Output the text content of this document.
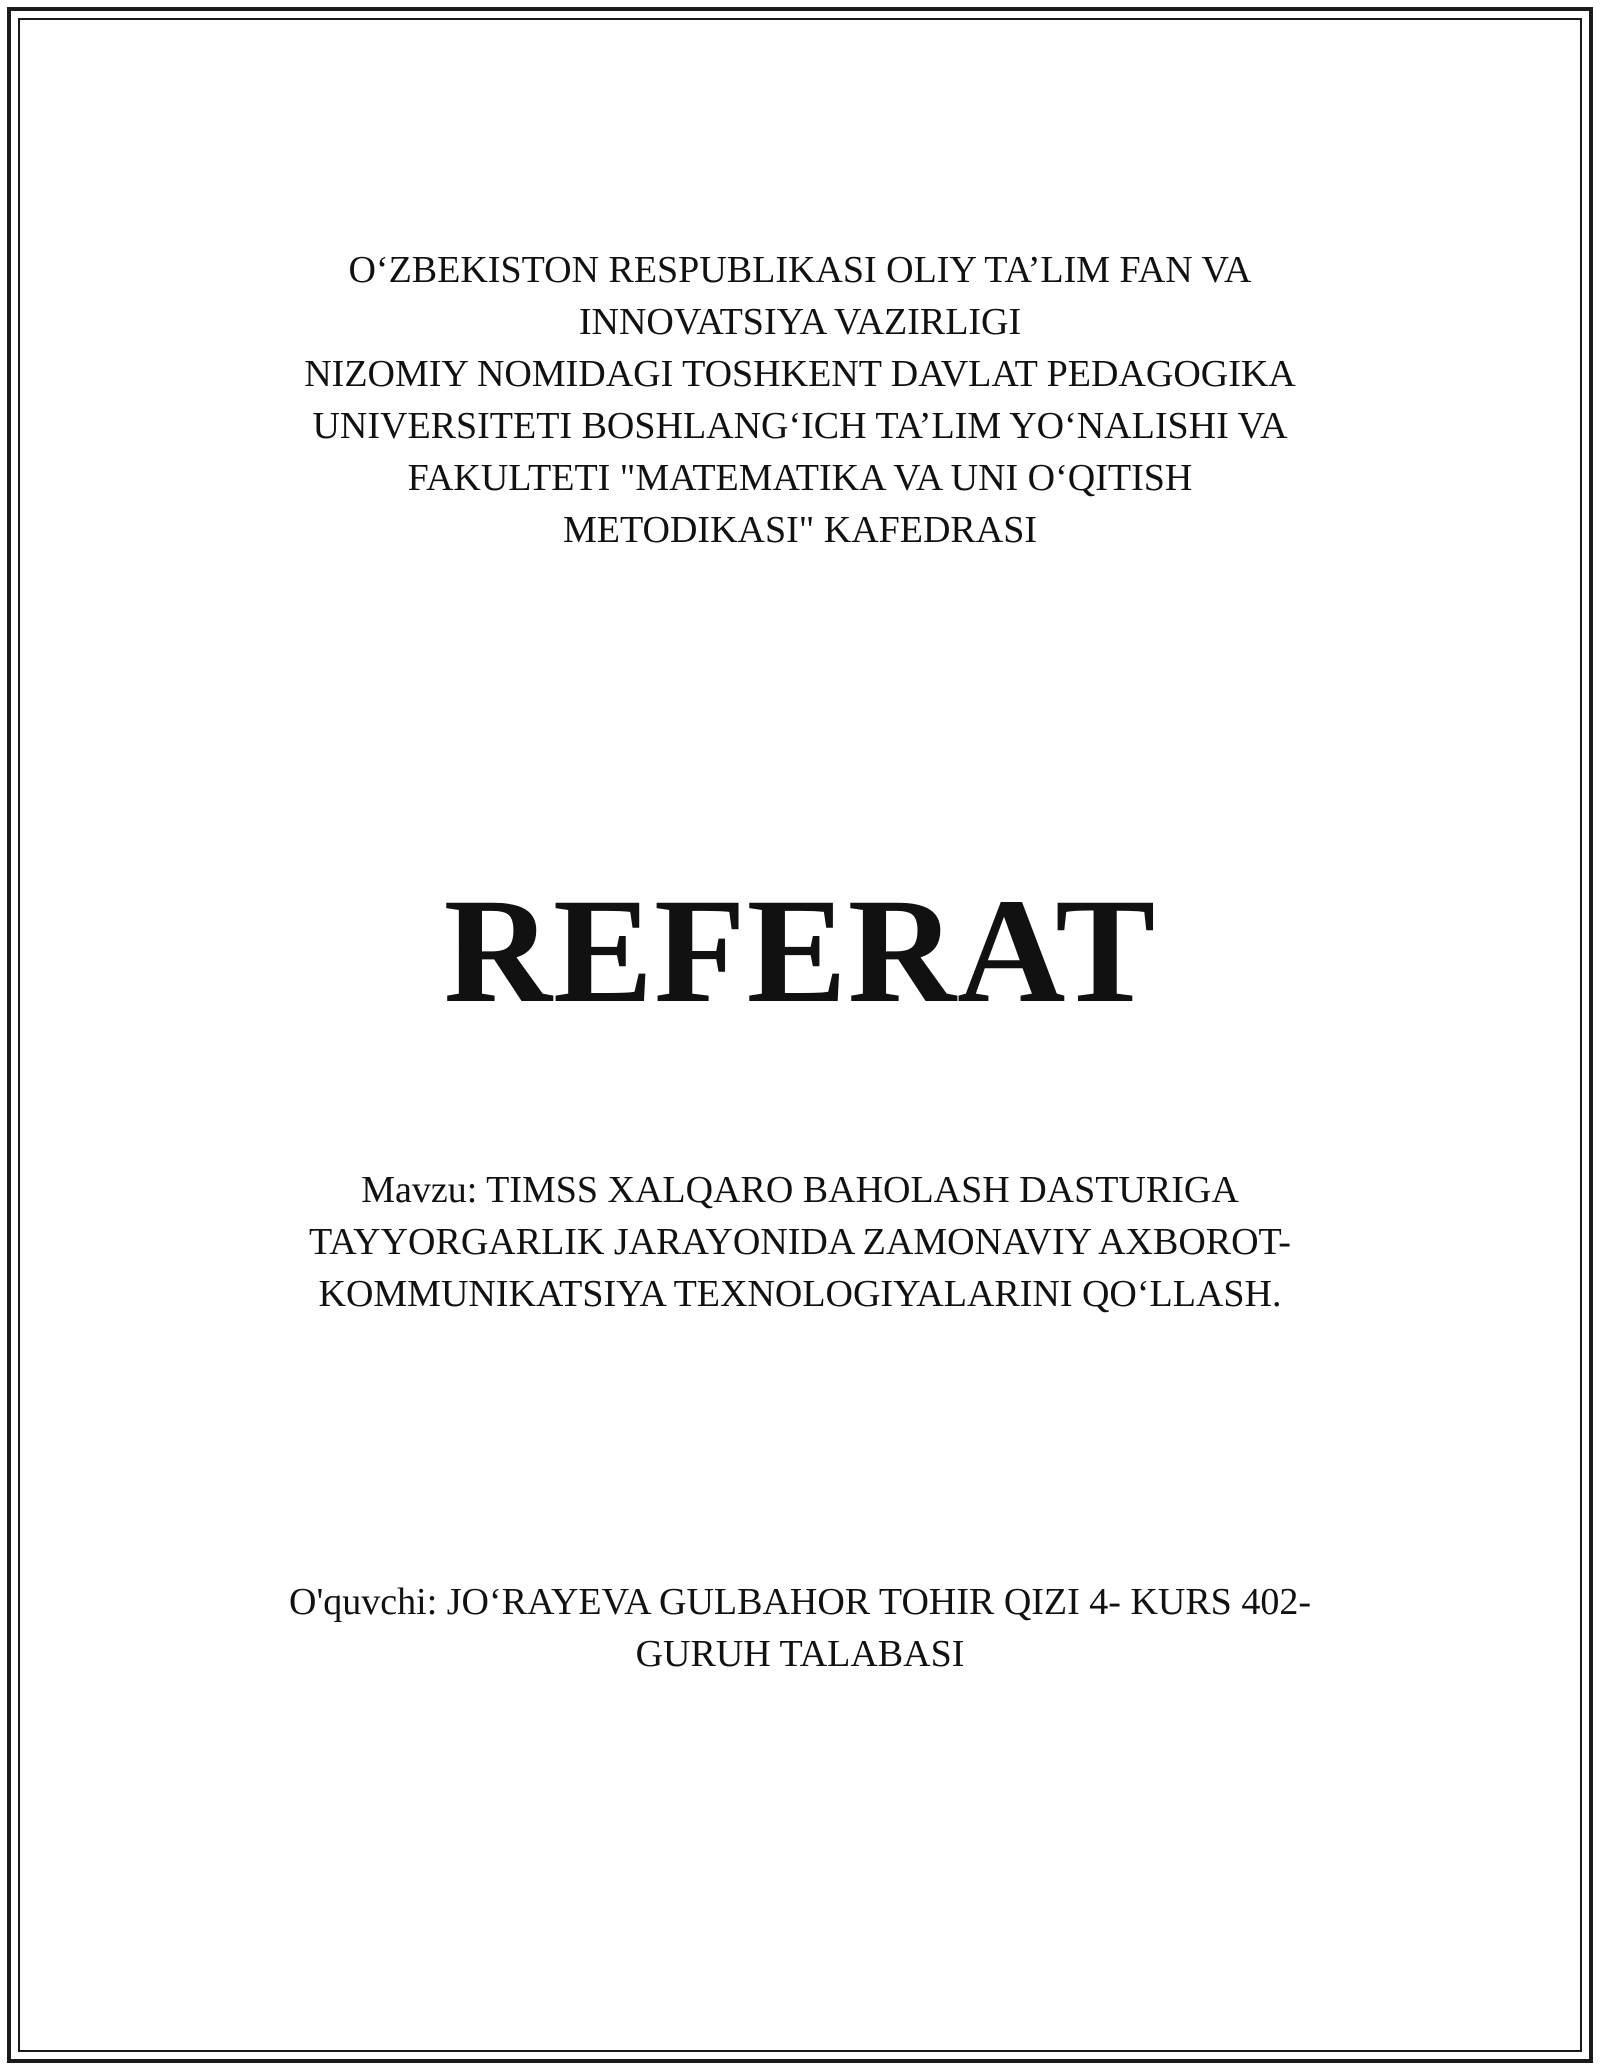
O‘ZBEKISTON RESPUBLIKASI OLIY TA’LIM FAN VA
INNOVATSIYA VAZIRLIGI
NIZOMIY NOMIDAGI TOSHKENT DAVLAT PEDAGOGIKA
UNIVERSITETI BOSHLANG‘ICH TA’LIM YO‘NALISHI VA
FAKULTETI "MATEMATIKA VA UNI O‘QITISH
METODIKASI" KAFEDRASI
REFERAT
Mavzu: TIMSS XALQARO BAHOLASH DASTURIGA
TAYYORGARLIK JARAYONIDA ZAMONAVIY AXBOROT-
KOMMUNIKATSIYA TEXNOLOGIYALARINI QO‘LLASH.
O'quvchi: JO‘RAYEVA GULBAHOR TOHIR QIZI 4- KURS 402-
GURUH TALABASI
